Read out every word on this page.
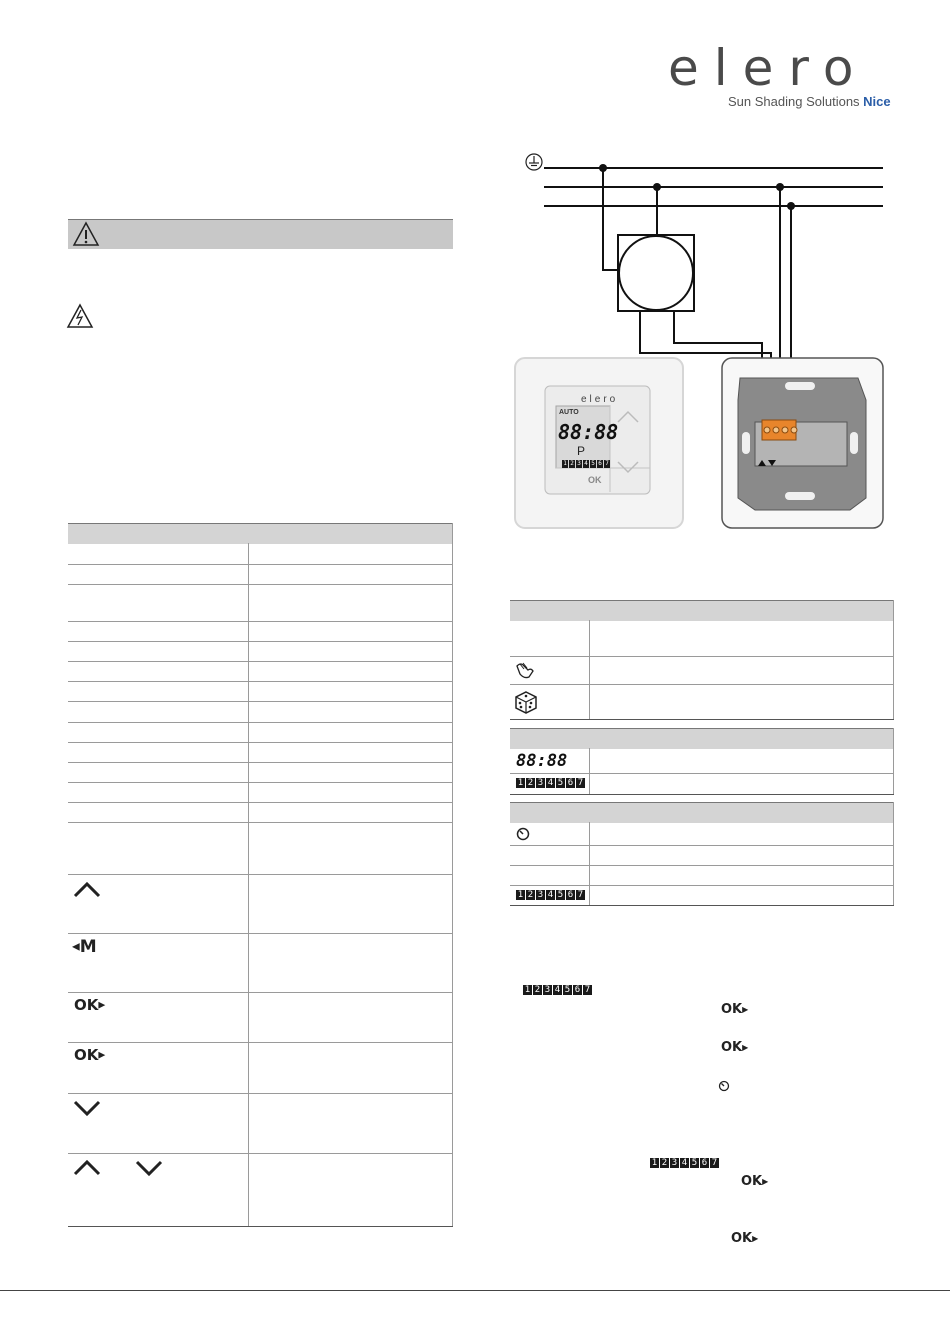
elero
Sun Shading Solutions Nice
◀M
OK▶
OK▶
elero
AUTO
88:88
P
1 2 3 4 5 6 7
OK
88:88
1 2 3 4 5 6 7
1 2 3 4 5 6 7
1 2 3 4 5 6 7
OK▶
OK▶
1 2 3 4 5 6 7
OK▶
OK▶
